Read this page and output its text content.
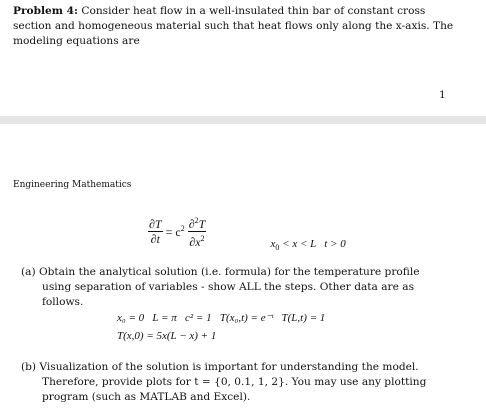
Problem 4: Consider heat flow in a well-insulated thin bar of constant cross
section and homogeneous material such that heat flows only along the x-axis. The
modeling equations are
1
Engineering Mathematics
$\frac{\partial T}{\partial t} = c^2 \frac{\partial^2T}{\partial x^2}$	$x_0 < x < L$   t > 0

(a) Obtain the analytical solution (i.e. formula) for the temperature profile
using separation of variables - show ALL the steps. Other data are as
follows.
x₀ = 0   L = π   c² = 1   T(x₀,t) = e⁻ᵗ   T(L,t) = 1
T(x,0) = 5x(L − x) + 1
(b) Visualization of the solution is important for understanding the model.
Therefore, provide plots for t = {0, 0.1, 1, 2}. You may use any plotting
program (such as MATLAB and Excel).
